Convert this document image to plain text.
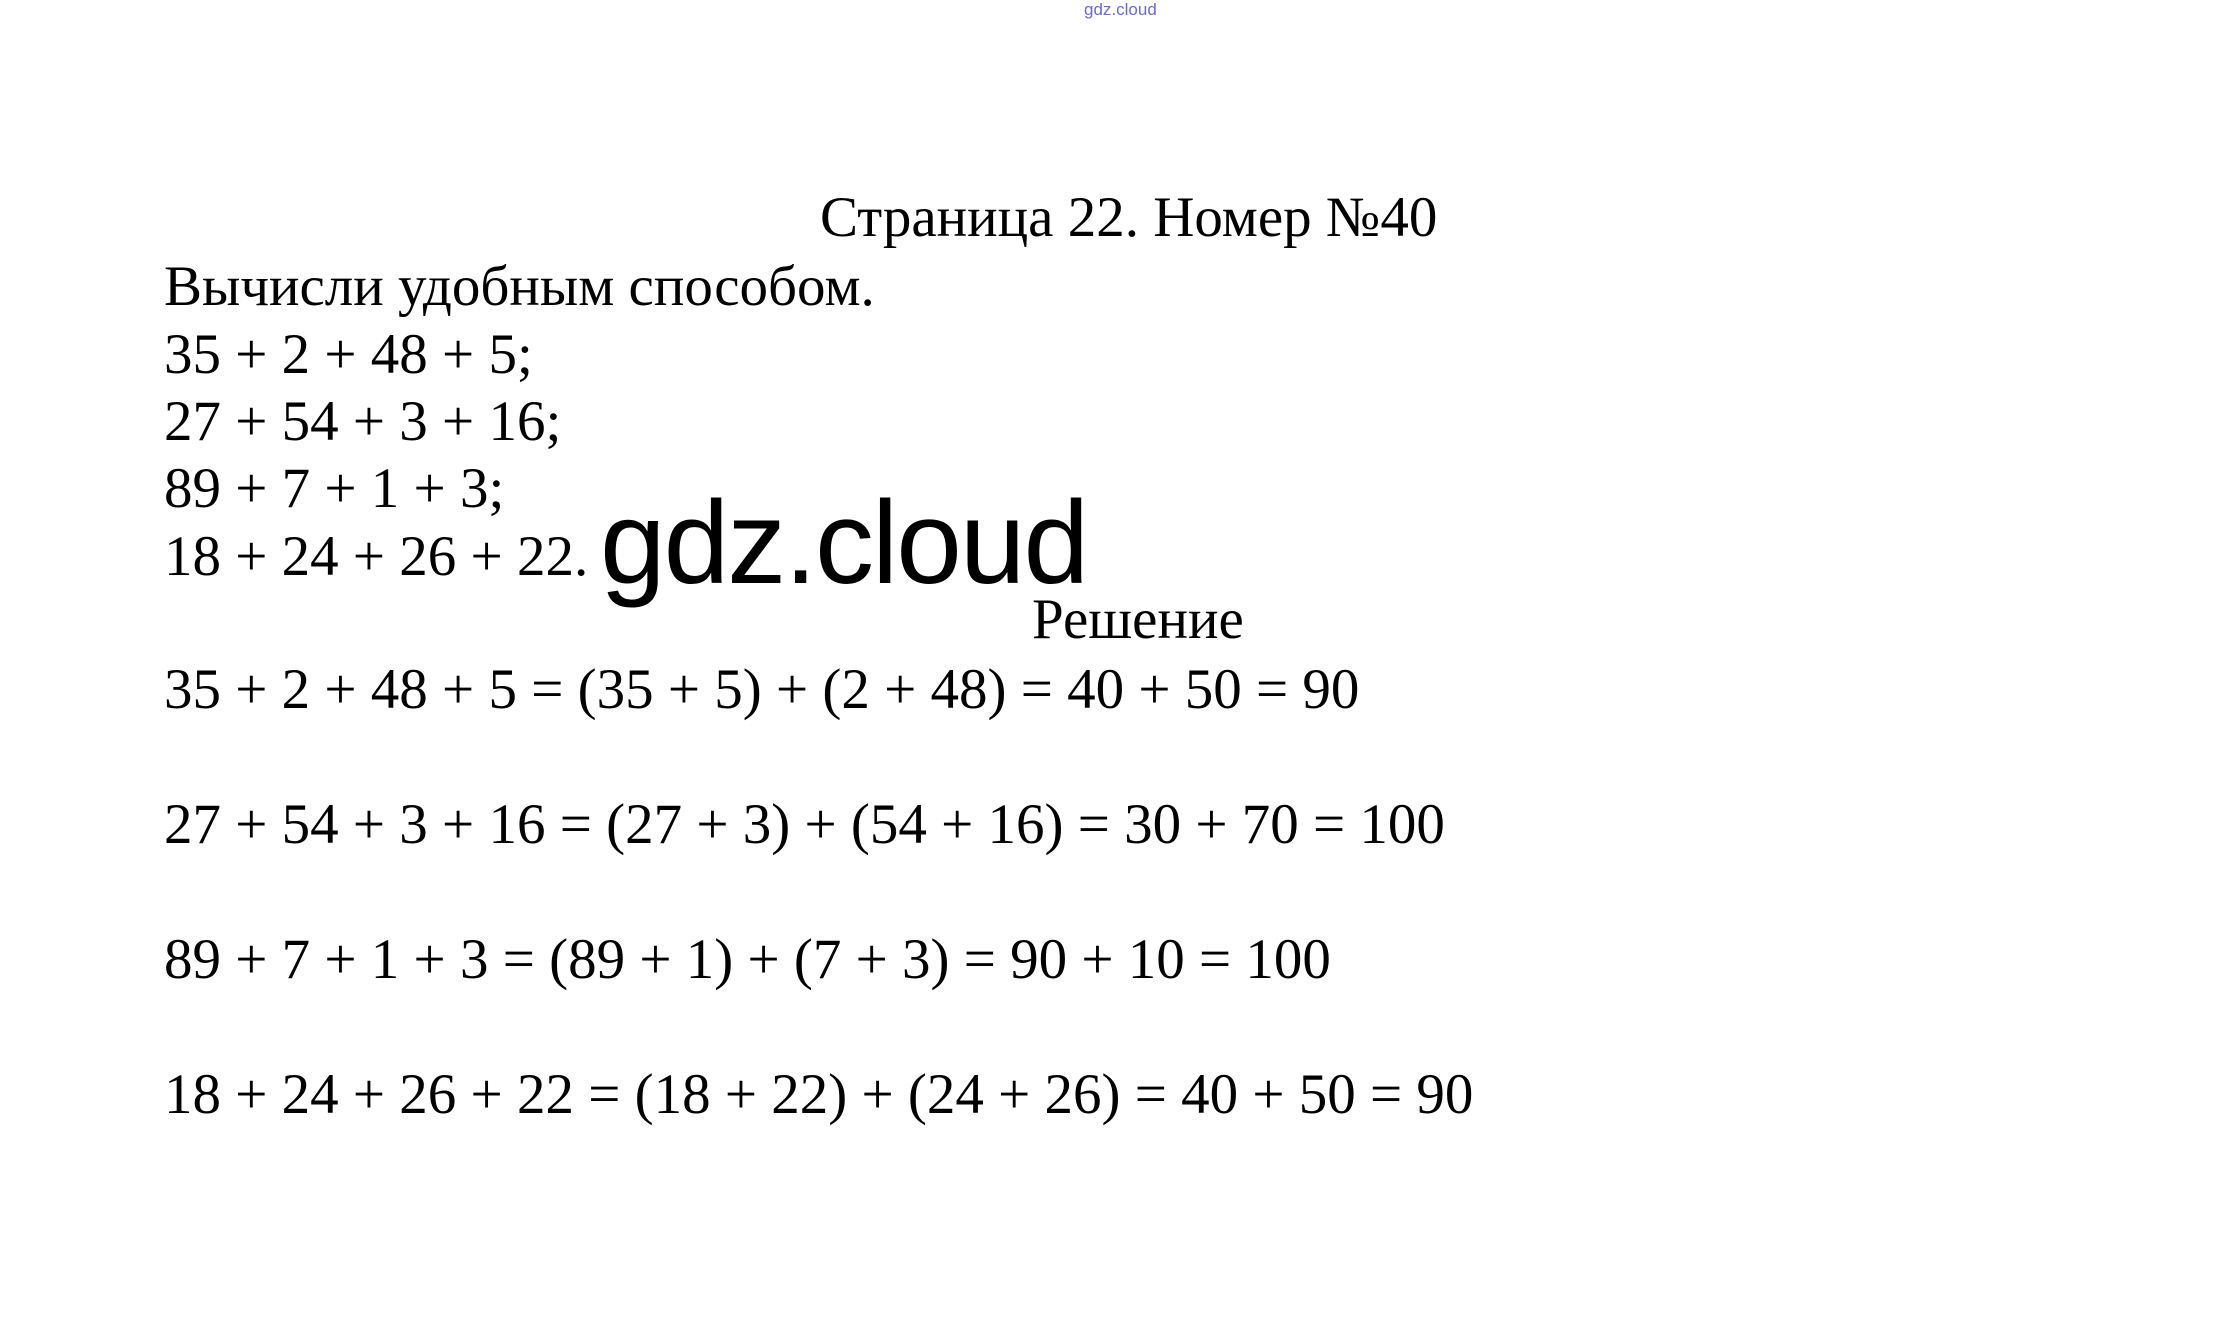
gdz.cloud
Страница 22. Номер №40
Вычисли удобным способом.
35 + 2 + 48 + 5;
27 + 54 + 3 + 16;
89 + 7 + 1 + 3;
18 + 24 + 26 + 22. gdz.cloud
Решение
35 + 2 + 48 + 5 = (35 + 5) + (2 + 48) = 40 + 50 = 90
27 + 54 + 3 + 16 = (27 + 3) + (54 + 16) = 30 + 70 = 100
89 + 7 + 1 + 3 = (89 + 1) + (7 + 3) = 90 + 10 = 100
18 + 24 + 26 + 22 = (18 + 22) + (24 + 26) = 40 + 50 = 90
